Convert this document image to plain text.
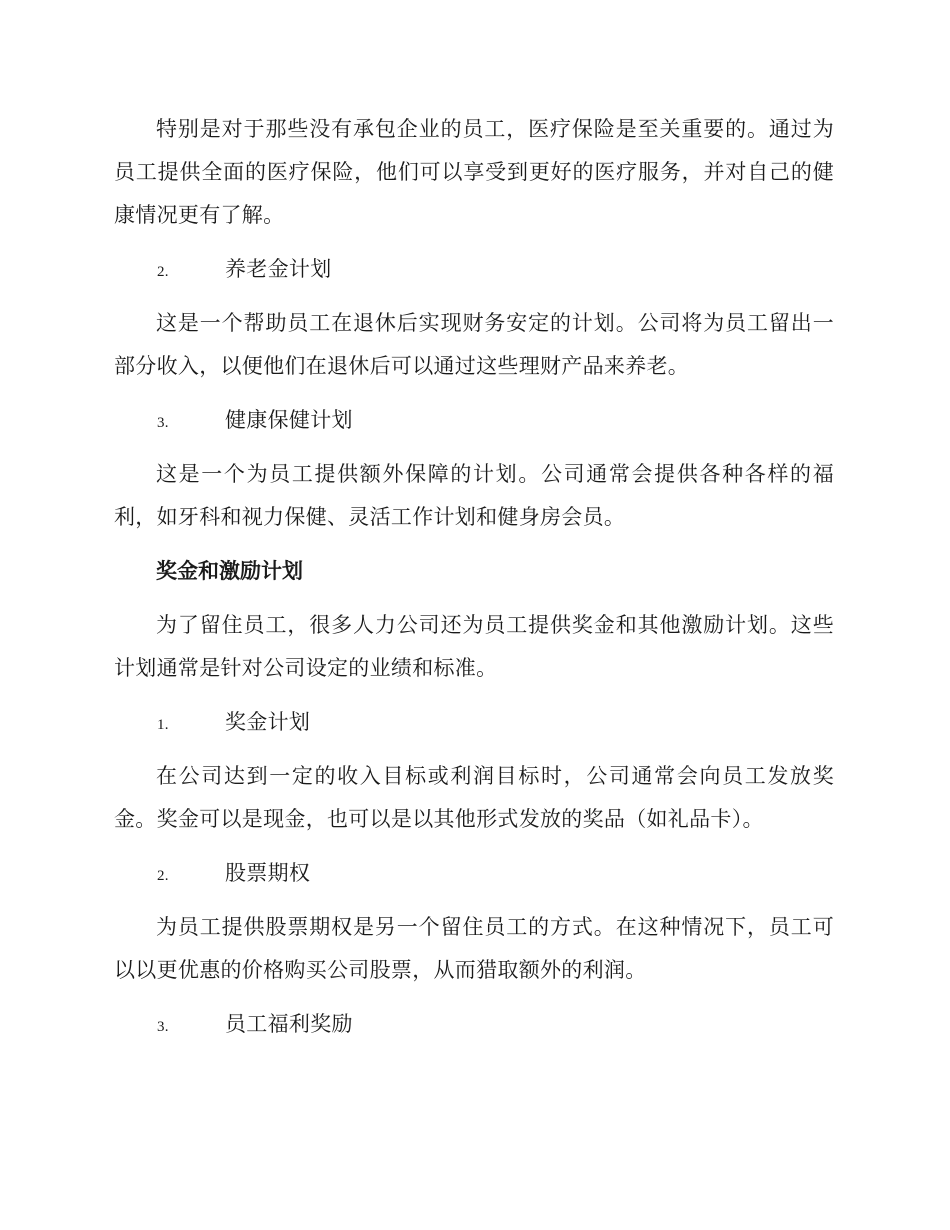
特别是对于那些没有承包企业的员工，医疗保险是至关重要的。通过为员工提供全面的医疗保险，他们可以享受到更好的医疗服务，并对自己的健康情况更有了解。

2.	养老金计划

这是一个帮助员工在退休后实现财务安定的计划。公司将为员工留出一部分收入，以便他们在退休后可以通过这些理财产品来养老。

3.	健康保健计划

这是一个为员工提供额外保障的计划。公司通常会提供各种各样的福利，如牙科和视力保健、灵活工作计划和健身房会员。

奖金和激励计划

为了留住员工，很多人力公司还为员工提供奖金和其他激励计划。这些计划通常是针对公司设定的业绩和标准。

1.	奖金计划

在公司达到一定的收入目标或利润目标时，公司通常会向员工发放奖金。奖金可以是现金，也可以是以其他形式发放的奖品（如礼品卡）。

2.	股票期权

为员工提供股票期权是另一个留住员工的方式。在这种情况下，员工可以以更优惠的价格购买公司股票，从而猎取额外的利润。

3.	员工福利奖励
